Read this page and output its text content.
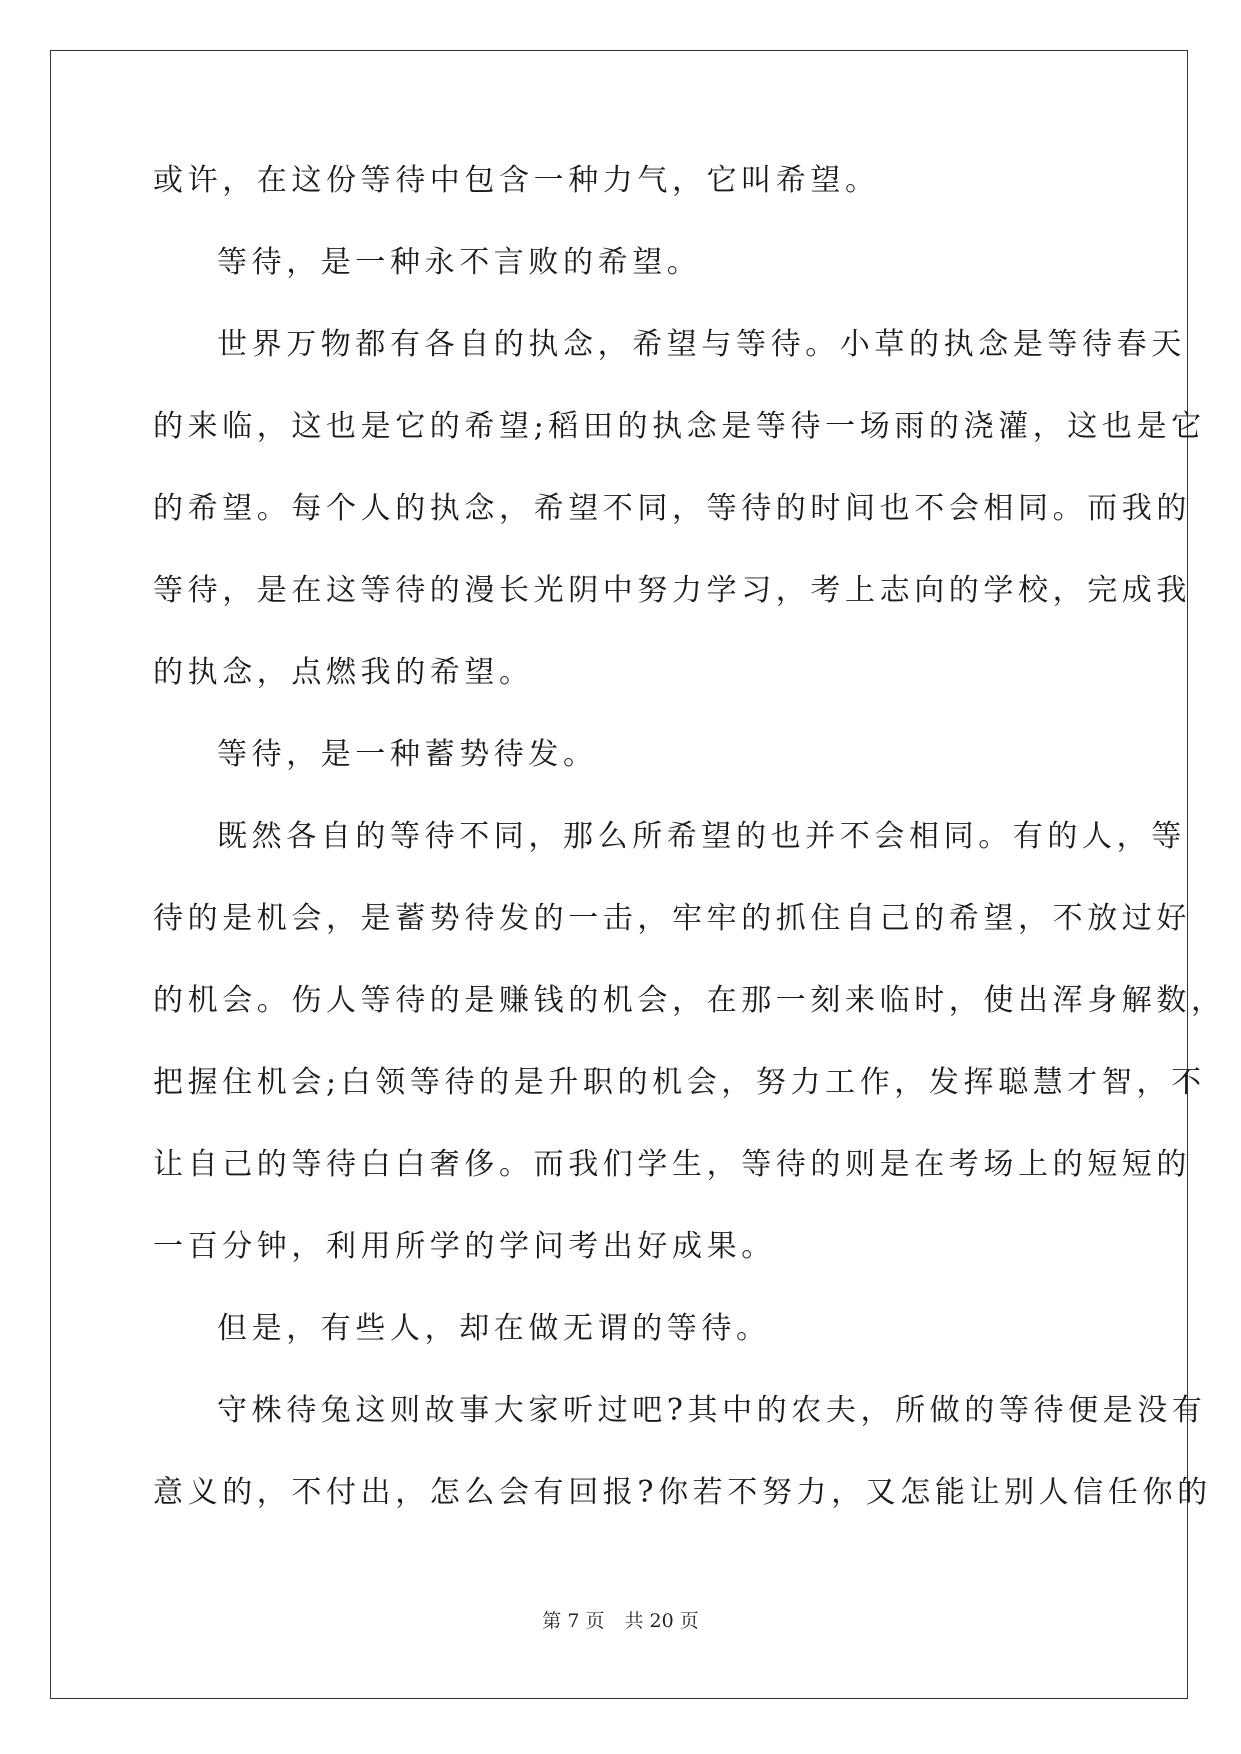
或许，在这份等待中包含一种力气，它叫希望。
等待，是一种永不言败的希望。
世界万物都有各自的执念，希望与等待。小草的执念是等待春天
的来临，这也是它的希望;稻田的执念是等待一场雨的浇灌，这也是它
的希望。每个人的执念，希望不同，等待的时间也不会相同。而我的
等待，是在这等待的漫长光阴中努力学习，考上志向的学校，完成我
的执念，点燃我的希望。
等待，是一种蓄势待发。
既然各自的等待不同，那么所希望的也并不会相同。有的人，等
待的是机会，是蓄势待发的一击，牢牢的抓住自己的希望，不放过好
的机会。伤人等待的是赚钱的机会，在那一刻来临时，使出浑身解数，
把握住机会;白领等待的是升职的机会，努力工作，发挥聪慧才智，不
让自己的等待白白奢侈。而我们学生，等待的则是在考场上的短短的
一百分钟，利用所学的学问考出好成果。
但是，有些人，却在做无谓的等待。
守株待兔这则故事大家听过吧?其中的农夫，所做的等待便是没有
意义的，不付出，怎么会有回报?你若不努力，又怎能让别人信任你的
第 7 页 共 20 页
